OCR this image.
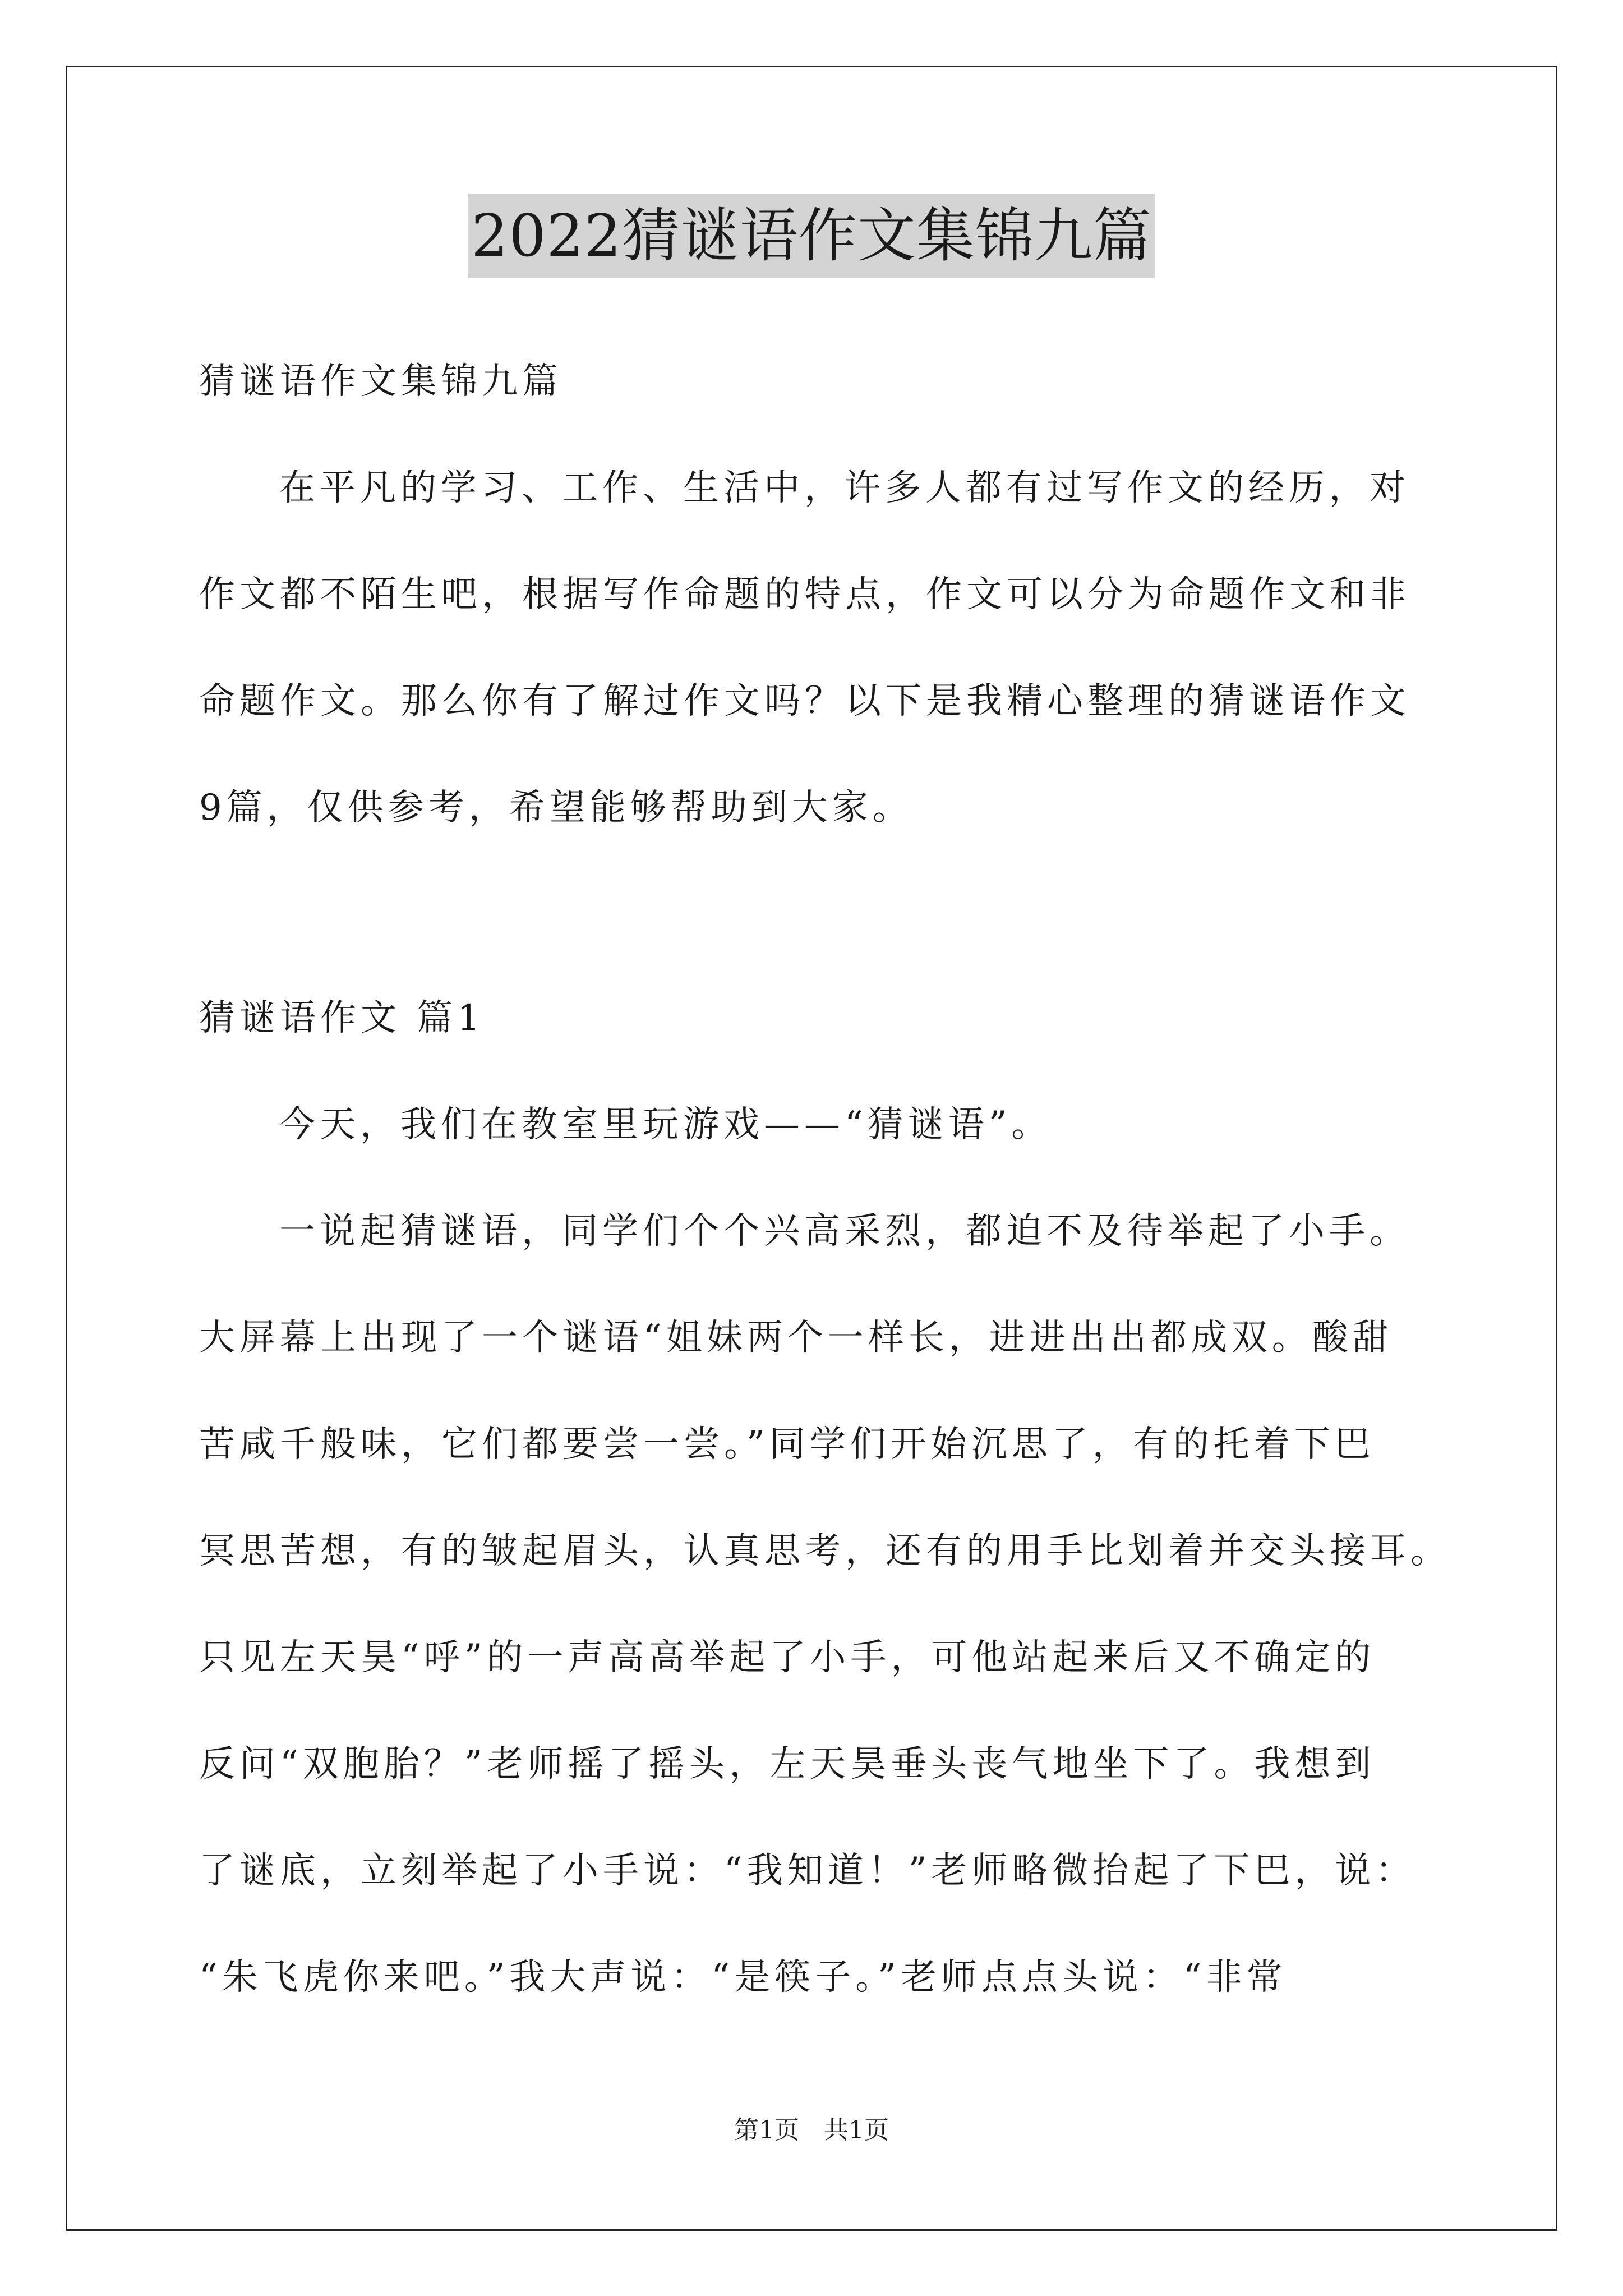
2022猜谜语作文集锦九篇
猜谜语作文集锦九篇
在平凡的学习、工作、生活中，许多人都有过写作文的经历，对
作文都不陌生吧，根据写作命题的特点，作文可以分为命题作文和非
命题作文。那么你有了解过作文吗？以下是我精心整理的猜谜语作文
9篇，仅供参考，希望能够帮助到大家。
猜谜语作文 篇1
今天，我们在教室里玩游戏——“猜谜语”。
一说起猜谜语，同学们个个兴高采烈，都迫不及待举起了小手。
大屏幕上出现了一个谜语“姐妹两个一样长，进进出出都成双。酸甜
苦咸千般味，它们都要尝一尝。”同学们开始沉思了，有的托着下巴
冥思苦想，有的皱起眉头，认真思考，还有的用手比划着并交头接耳。
只见左天昊“呼”的一声高高举起了小手，可他站起来后又不确定的
反问“双胞胎？”老师摇了摇头，左天昊垂头丧气地坐下了。我想到
了谜底，立刻举起了小手说：“我知道！”老师略微抬起了下巴，说：
“朱飞虎你来吧。”我大声说：“是筷子。”老师点点头说：“非常
第1页　共1页
